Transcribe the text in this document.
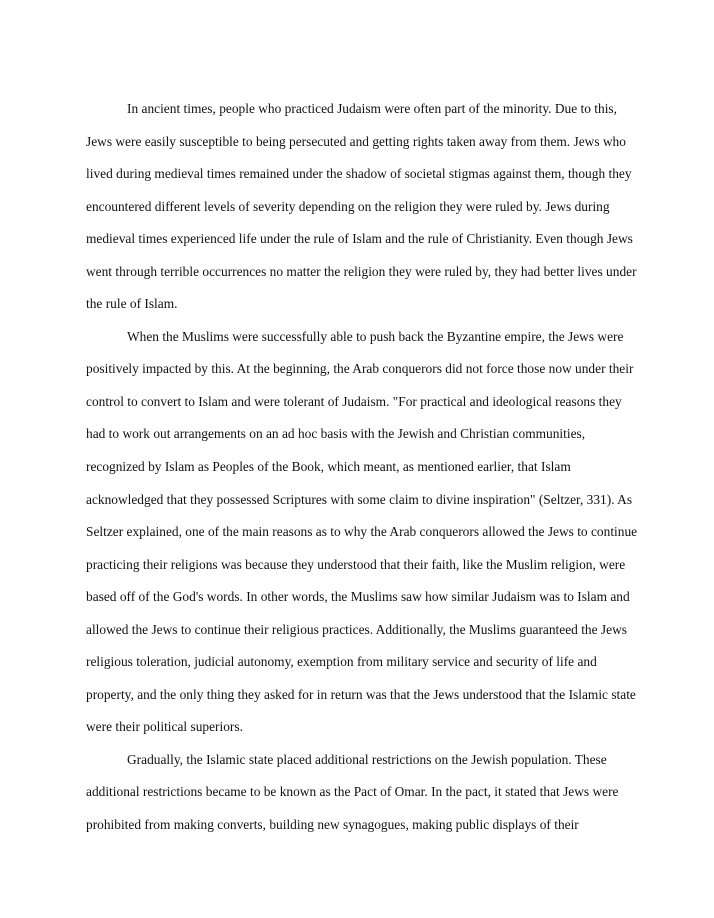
In ancient times, people who practiced Judaism were often part of the minority. Due to this, Jews were easily susceptible to being persecuted and getting rights taken away from them. Jews who lived during medieval times remained under the shadow of societal stigmas against them, though they encountered different levels of severity depending on the religion they were ruled by. Jews during medieval times experienced life under the rule of Islam and the rule of Christianity. Even though Jews went through terrible occurrences no matter the religion they were ruled by, they had better lives under the rule of Islam.

When the Muslims were successfully able to push back the Byzantine empire, the Jews were positively impacted by this. At the beginning, the Arab conquerors did not force those now under their control to convert to Islam and were tolerant of Judaism. "For practical and ideological reasons they had to work out arrangements on an ad hoc basis with the Jewish and Christian communities, recognized by Islam as Peoples of the Book, which meant, as mentioned earlier, that Islam acknowledged that they possessed Scriptures with some claim to divine inspiration" (Seltzer, 331). As Seltzer explained, one of the main reasons as to why the Arab conquerors allowed the Jews to continue practicing their religions was because they understood that their faith, like the Muslim religion, were based off of the God's words. In other words, the Muslims saw how similar Judaism was to Islam and allowed the Jews to continue their religious practices. Additionally, the Muslims guaranteed the Jews religious toleration, judicial autonomy, exemption from military service and security of life and property, and the only thing they asked for in return was that the Jews understood that the Islamic state were their political superiors.

Gradually, the Islamic state placed additional restrictions on the Jewish population. These additional restrictions became to be known as the Pact of Omar. In the pact, it stated that Jews were prohibited from making converts, building new synagogues, making public displays of their
